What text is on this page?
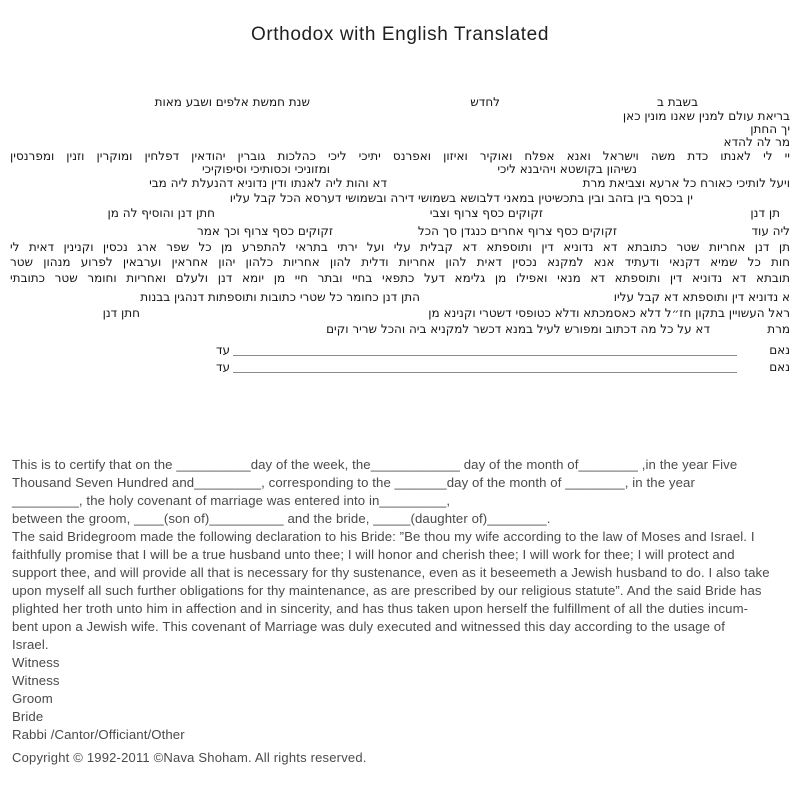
Orthodox with English Translated
בשבת ב
לחדש
שנת חמשת אלפים ושבע מאות
בריאת עולם למנין שאנו מונין כאן
יך החתן
מר לה להדא
יי לי לאנתו כדת משה וישראל ואנא אפלח ואוקיר ואיזון ואפרנס יתיכי ליכי כהלכות גוברין יהודאין דפלחין ומוקרין וזנין ומפרנסין
נשיהון בקושטא ויהיבנא ליכי
ומזוניכי וכסותיכי וסיפוקיכי
ויעל לותיכי כאורח כל ארעא וצביאת מרת
דא והות ליה לאנתו ודין נדוניא דהנעלת ליה מבי
ין בכסף בין בזהב ובין בתכשיטין במאני דלבושא בשמושי דירה ובשמושי דערסא הכל קבל עליו
תן דנן
זקוקים כסף צרוף וצבי
חתן דנן והוסיף לה מן
ליה עוד
זקוקים כסף צרוף אחרים כנגדן סך הכל
זקוקים כסף צרוף וכך אמר
תן דנן אחריות שטר כתובתא דא נדוניא דין ותוספתא דא קבלית עלי ועל ירתי בתראי להתפרע מן כל שפר ארג נכסין וקנינין דאית לי
חות כל שמיא דקנאי ודעתיד אנא למקנא נכסין דאית להון אחריות ודלית להון אחריות כלהון יהון אחראין וערבאין לפרוע מנהון שטר
תובתא דא נדוניא דין ותוספתא דא מנאי ואפילו מן גלימא דעל כתפאי בחיי ובתר חיי מן יומא דנן ולעלם ואחריות וחומר שטר כתובתי
א נדוניא דין ותוספתא דא קבל עליו
התן דנן כחומר כל שטרי כתובות ותוספתות דנהגין בבנות
ראל העשויין בתקון חז״ל דלא כאסמכתא ודלא כטופסי דשטרי וקנינא מן
חתן דנן
מרת
דא על כל מה דכתוב ומפורש לעיל במנא דכשר למקניא ביה והכל שריר וקים
נאם
עד
נאם
עד
This is to certify that on the __________day of the week, the____________ day of the month of________ ,in the year Five
Thousand Seven Hundred and_________, corresponding to the _______day of the month of ________, in the year
_________, the holy covenant of marriage was entered into in_________,
between the groom, ____(son of)__________ and the bride, _____(daughter of)________.
The said Bridegroom made the following declaration to his Bride: ”Be thou my wife according to the law of Moses and Israel. I
faithfully promise that I will be a true husband unto thee; I will honor and cherish thee; I will work for thee; I will protect and
support thee, and will provide all that is necessary for thy sustenance, even as it beseemeth a Jewish husband to do. I also take
upon myself all such further obligations for thy maintenance, as are prescribed by our religious statute”. And the said Bride has
plighted her troth unto him in affection and in sincerity, and has thus taken upon herself the fulfillment of all the duties incum-
bent upon a Jewish wife. This covenant of Marriage was duly executed and witnessed this day according to the usage of
Israel.
Witness
Witness
Groom
Bride
Rabbi /Cantor/Officiant/Other
Copyright © 1992-2011 ©Nava Shoham. All rights reserved.
